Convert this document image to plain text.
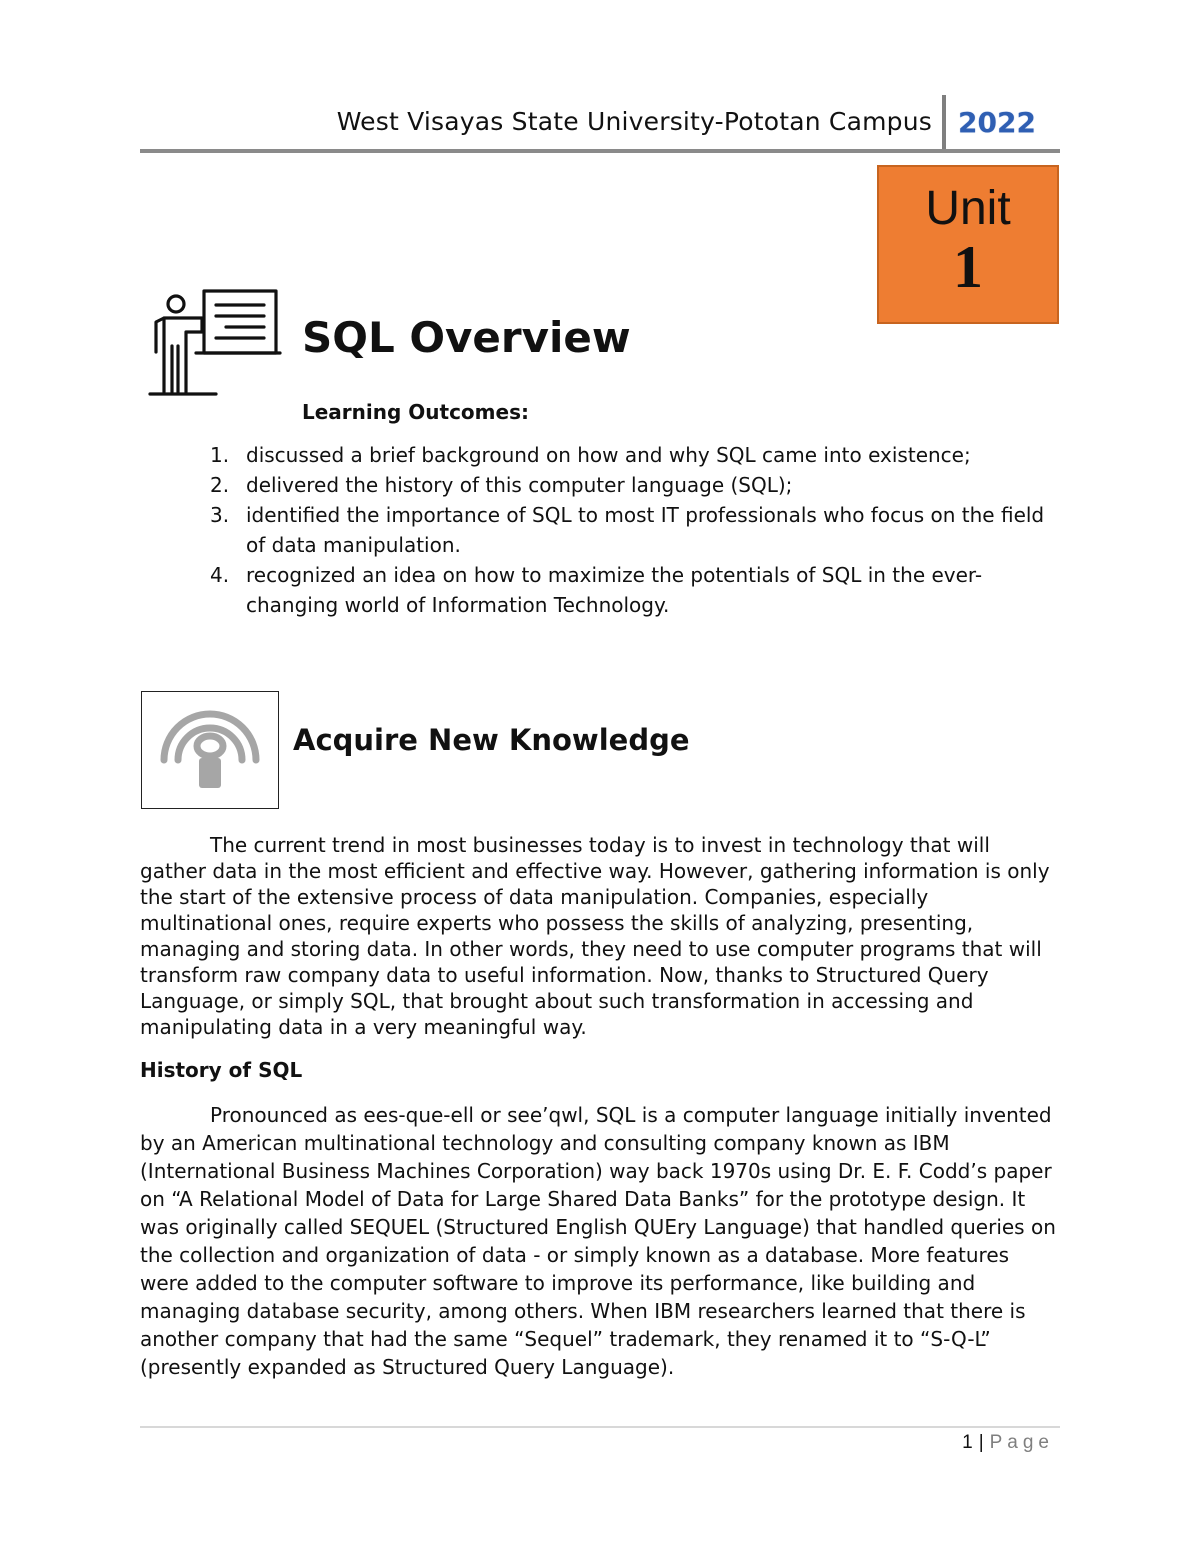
West Visayas State University-Pototan Campus 2022
Unit
1
SQL Overview
Learning Outcomes:
1. discussed a brief background on how and why SQL came into existence;
2. delivered the history of this computer language (SQL);
3. identified the importance of SQL to most IT professionals who focus on the field of data manipulation.
4. recognized an idea on how to maximize the potentials of SQL in the ever-changing world of Information Technology.
Acquire New Knowledge

The current trend in most businesses today is to invest in technology that will gather data in the most efficient and effective way. However, gathering information is only the start of the extensive process of data manipulation. Companies, especially multinational ones, require experts who possess the skills of analyzing, presenting, managing and storing data. In other words, they need to use computer programs that will transform raw company data to useful information. Now, thanks to Structured Query Language, or simply SQL, that brought about such transformation in accessing and manipulating data in a very meaningful way.

History of SQL

Pronounced as ees-que-ell or see’qwl, SQL is a computer language initially invented by an American multinational technology and consulting company known as IBM (International Business Machines Corporation) way back 1970s using Dr. E. F. Codd’s paper on “A Relational Model of Data for Large Shared Data Banks” for the prototype design. It was originally called SEQUEL (Structured English QUEry Language) that handled queries on the collection and organization of data - or simply known as a database. More features were added to the computer software to improve its performance, like building and managing database security, among others. When IBM researchers learned that there is another company that had the same “Sequel” trademark, they renamed it to “S-Q-L” (presently expanded as Structured Query Language).

1 | Page
